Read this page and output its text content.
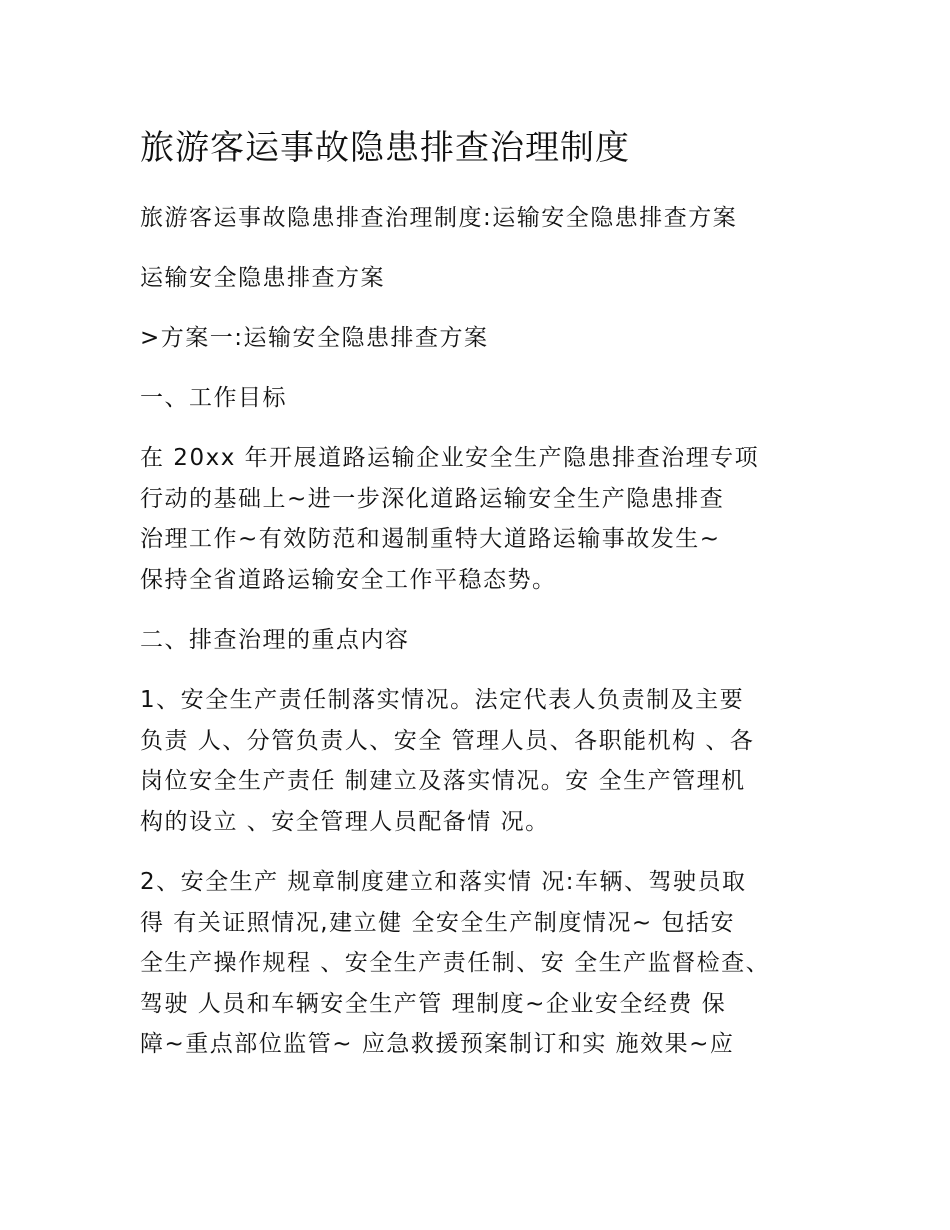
旅游客运事故隐患排查治理制度

旅游客运事故隐患排查治理制度:运输安全隐患排查方案

运输安全隐患排查方案

>方案一:运输安全隐患排查方案

一、工作目标

在 20xx 年开展道路运输企业安全生产隐患排查治理专项
行动的基础上~进一步深化道路运输安全生产隐患排查
治理工作~有效防范和遏制重特大道路运输事故发生~
保持全省道路运输安全工作平稳态势。

二、排查治理的重点内容

1、安全生产责任制落实情况。法定代表人负责制及主要
负责 人、分管负责人、安全 管理人员、各职能机构 、各
岗位安全生产责任 制建立及落实情况。安 全生产管理机
构的设立 、安全管理人员配备情 况。

2、安全生产 规章制度建立和落实情 况:车辆、驾驶员取
得 有关证照情况,建立健 全安全生产制度情况~ 包括安
全生产操作规程 、安全生产责任制、安 全生产监督检查、
驾驶 人员和车辆安全生产管 理制度~企业安全经费 保
障~重点部位监管~ 应急救援预案制订和实 施效果~应
